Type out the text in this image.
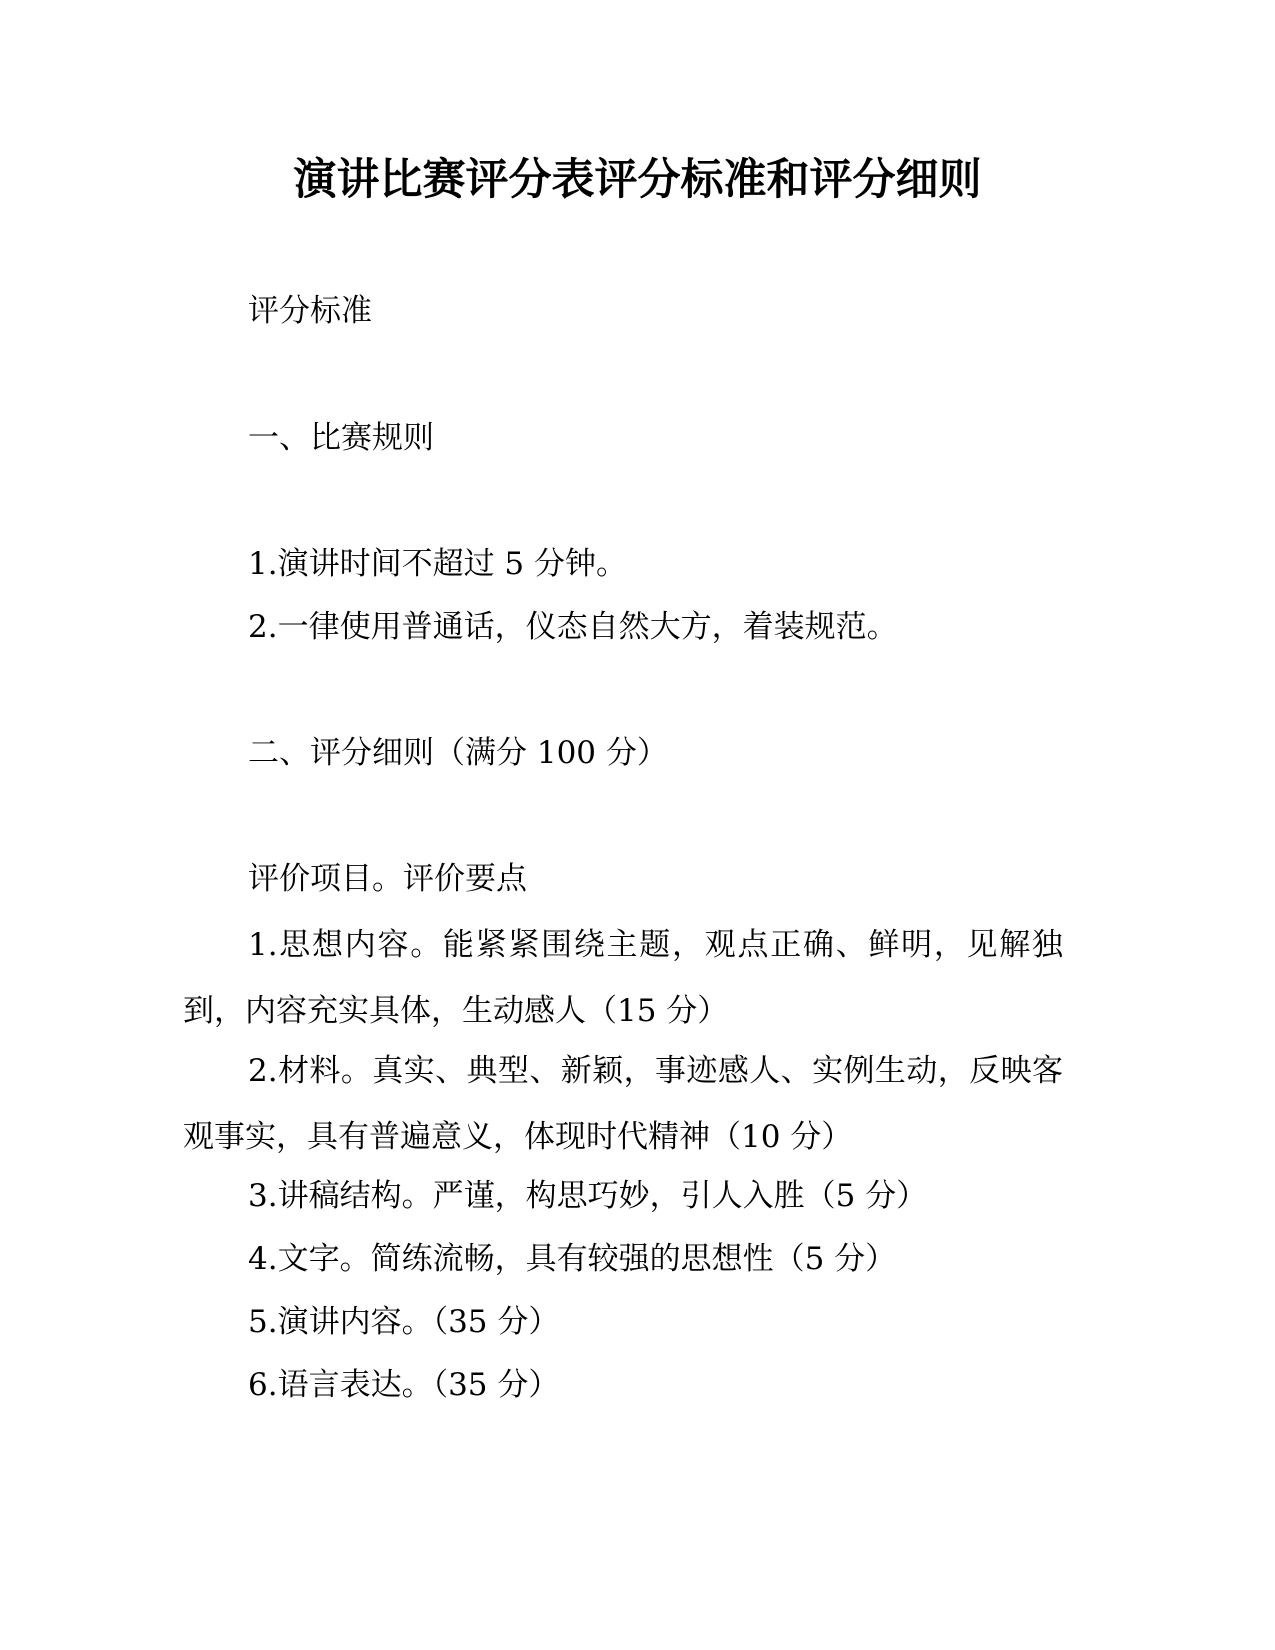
演讲比赛评分表评分标准和评分细则
评分标准
一、比赛规则
1.演讲时间不超过 5 分钟。
2.一律使用普通话，仪态自然大方，着装规范。
二、评分细则（满分 100 分）
评价项目。评价要点
1.思想内容。能紧紧围绕主题，观点正确、鲜明，见解独到，内容充实具体，生动感人（15 分）
2.材料。真实、典型、新颖，事迹感人、实例生动，反映客观事实，具有普遍意义，体现时代精神（10 分）
3.讲稿结构。严谨，构思巧妙，引人入胜（5 分）
4.文字。简练流畅，具有较强的思想性（5 分）
5.演讲内容。（35 分）
6.语言表达。（35 分）
